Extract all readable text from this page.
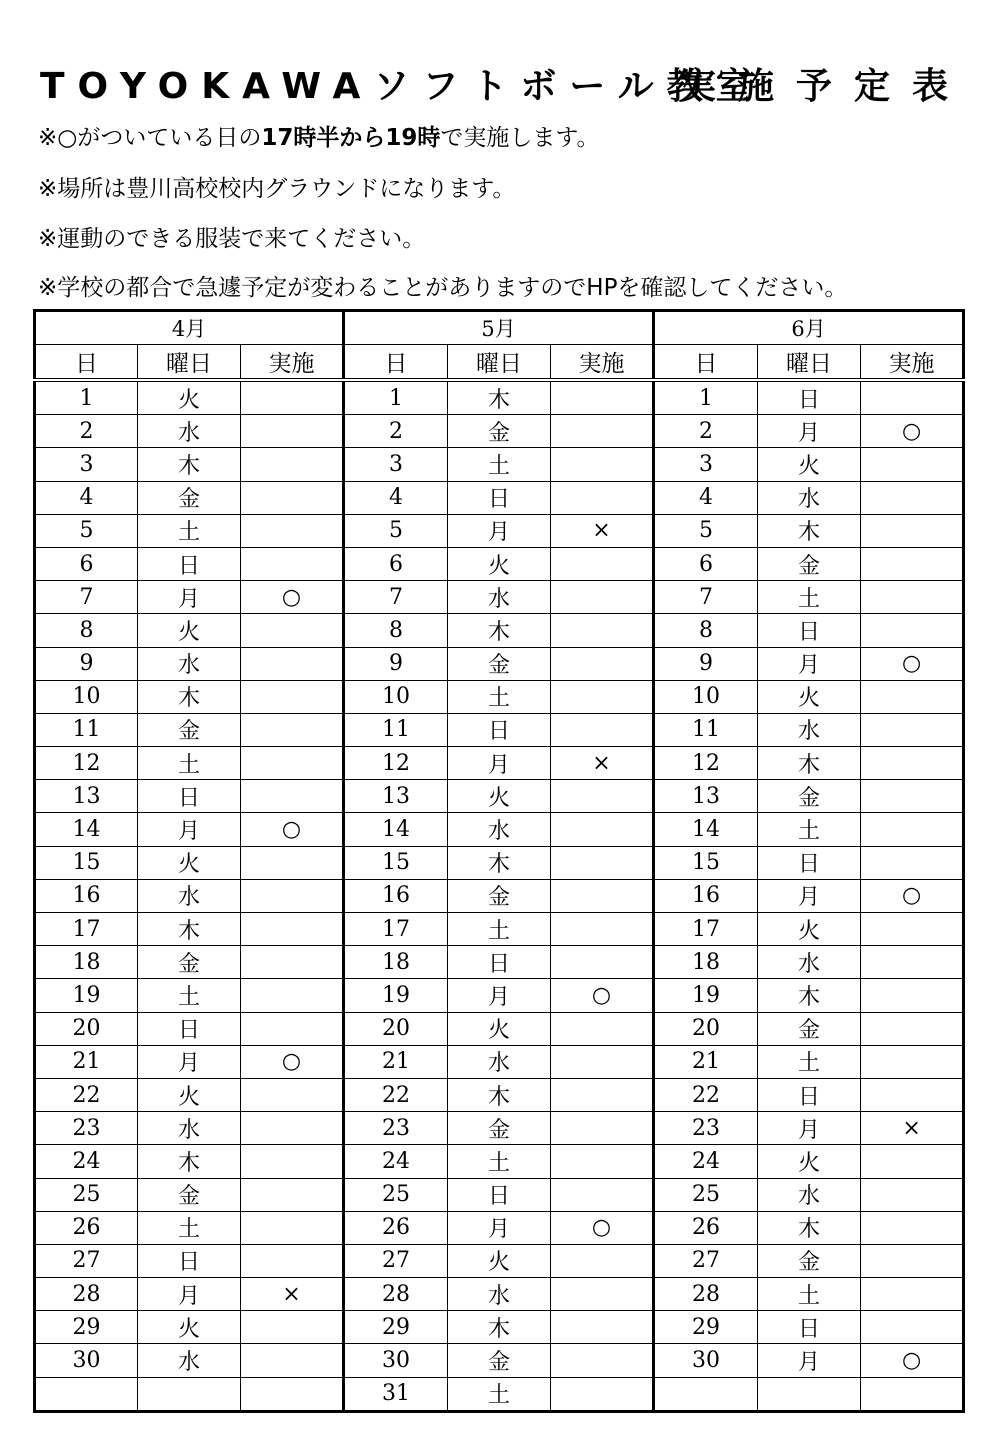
TOYOKAWAソフトボール教室
実施予定表
※○がついている日の17時半から19時で実施します。
※場所は豊川高校校内グラウンドになります。
※運動のできる服装で来てください。
※学校の都合で急遽予定が変わることがありますのでHPを確認してください。
4月			5月			6月		
日	曜日	実施	日	曜日	実施	日	曜日	実施
1	火		1	木		1	日	
2	水		2	金		2	月	○
3	木		3	土		3	火	
4	金		4	日		4	水	
5	土		5	月	×	5	木	
6	日		6	火		6	金	
7	月	○	7	水		7	土	
8	火		8	木		8	日	
9	水		9	金		9	月	○
10	木		10	土		10	火	
11	金		11	日		11	水	
12	土		12	月	×	12	木	
13	日		13	火		13	金	
14	月	○	14	水		14	土	
15	火		15	木		15	日	
16	水		16	金		16	月	○
17	木		17	土		17	火	
18	金		18	日		18	水	
19	土		19	月	○	19	木	
20	日		20	火		20	金	
21	月	○	21	水		21	土	
22	火		22	木		22	日	
23	水		23	金		23	月	×
24	木		24	土		24	火	
25	金		25	日		25	水	
26	土		26	月	○	26	木	
27	日		27	火		27	金	
28	月	×	28	水		28	土	
29	火		29	木		29	日	
30	水		30	金		30	月	○
			31	土				
